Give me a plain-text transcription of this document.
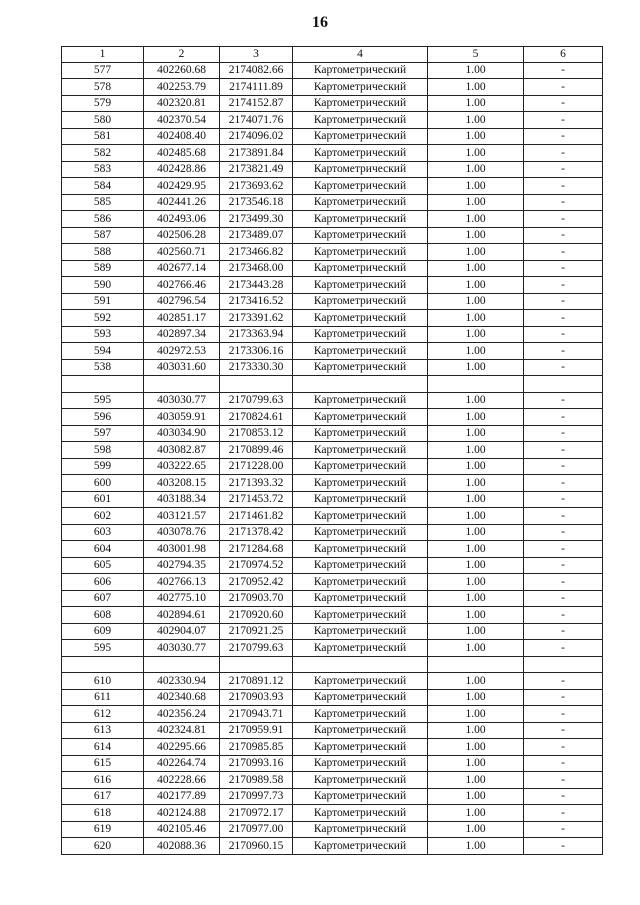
16
1	2	3	4	5	6
577	402260.68	2174082.66	Картометрический	1.00	-
578	402253.79	2174111.89	Картометрический	1.00	-
579	402320.81	2174152.87	Картометрический	1.00	-
580	402370.54	2174071.76	Картометрический	1.00	-
581	402408.40	2174096.02	Картометрический	1.00	-
582	402485.68	2173891.84	Картометрический	1.00	-
583	402428.86	2173821.49	Картометрический	1.00	-
584	402429.95	2173693.62	Картометрический	1.00	-
585	402441.26	2173546.18	Картометрический	1.00	-
586	402493.06	2173499.30	Картометрический	1.00	-
587	402506.28	2173489.07	Картометрический	1.00	-
588	402560.71	2173466.82	Картометрический	1.00	-
589	402677.14	2173468.00	Картометрический	1.00	-
590	402766.46	2173443.28	Картометрический	1.00	-
591	402796.54	2173416.52	Картометрический	1.00	-
592	402851.17	2173391.62	Картометрический	1.00	-
593	402897.34	2173363.94	Картометрический	1.00	-
594	402972.53	2173306.16	Картометрический	1.00	-
538	403031.60	2173330.30	Картометрический	1.00	-

595	403030.77	2170799.63	Картометрический	1.00	-
596	403059.91	2170824.61	Картометрический	1.00	-
597	403034.90	2170853.12	Картометрический	1.00	-
598	403082.87	2170899.46	Картометрический	1.00	-
599	403222.65	2171228.00	Картометрический	1.00	-
600	403208.15	2171393.32	Картометрический	1.00	-
601	403188.34	2171453.72	Картометрический	1.00	-
602	403121.57	2171461.82	Картометрический	1.00	-
603	403078.76	2171378.42	Картометрический	1.00	-
604	403001.98	2171284.68	Картометрический	1.00	-
605	402794.35	2170974.52	Картометрический	1.00	-
606	402766.13	2170952.42	Картометрический	1.00	-
607	402775.10	2170903.70	Картометрический	1.00	-
608	402894.61	2170920.60	Картометрический	1.00	-
609	402904.07	2170921.25	Картометрический	1.00	-
595	403030.77	2170799.63	Картометрический	1.00	-

610	402330.94	2170891.12	Картометрический	1.00	-
611	402340.68	2170903.93	Картометрический	1.00	-
612	402356.24	2170943.71	Картометрический	1.00	-
613	402324.81	2170959.91	Картометрический	1.00	-
614	402295.66	2170985.85	Картометрический	1.00	-
615	402264.74	2170993.16	Картометрический	1.00	-
616	402228.66	2170989.58	Картометрический	1.00	-
617	402177.89	2170997.73	Картометрический	1.00	-
618	402124.88	2170972.17	Картометрический	1.00	-
619	402105.46	2170977.00	Картометрический	1.00	-
620	402088.36	2170960.15	Картометрический	1.00	-
